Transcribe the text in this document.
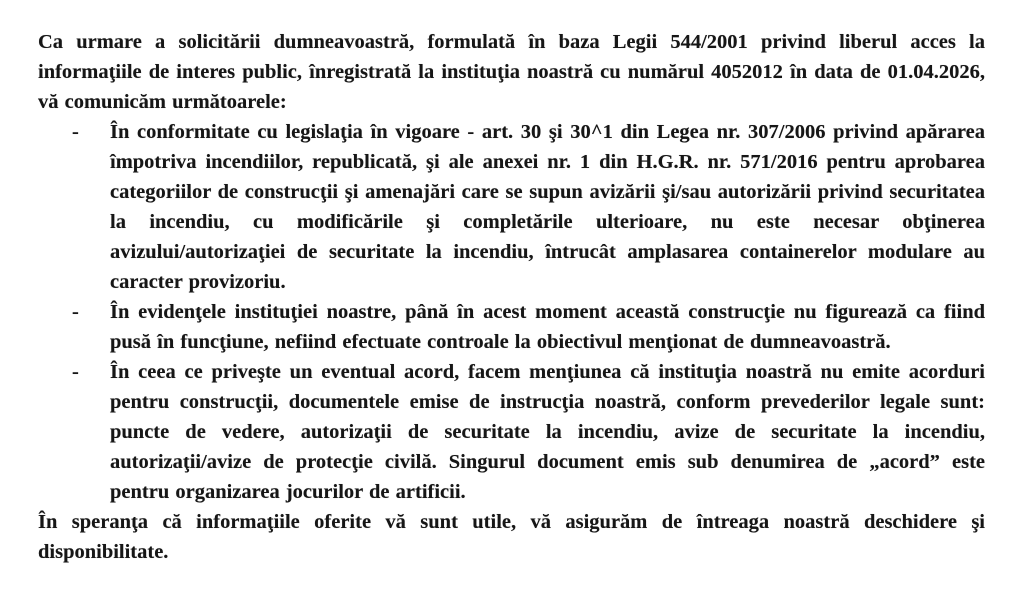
Ca urmare a solicitării dumneavoastră, formulată în baza Legii 544/2001 privind liberul acces la informaţiile de interes public, înregistrată la instituţia noastră cu numărul 4052012 în data de 01.04.2026, vă comunicăm următoarele:

- În conformitate cu legislaţia în vigoare - art. 30 şi 30^1 din Legea nr. 307/2006 privind apărarea împotriva incendiilor, republicată, şi ale anexei nr. 1 din H.G.R. nr. 571/2016 pentru aprobarea categoriilor de construcţii şi amenajări care se supun avizării şi/sau autorizării privind securitatea la incendiu, cu modificările şi completările ulterioare, nu este necesar obţinerea avizului/autorizaţiei de securitate la incendiu, întrucât amplasarea containerelor modulare au caracter provizoriu.

- În evidenţele instituţiei noastre, până în acest moment această construcţie nu figurează ca fiind pusă în funcţiune, nefiind efectuate controale la obiectivul menţionat de dumneavoastră.

- În ceea ce priveşte un eventual acord, facem menţiunea că instituţia noastră nu emite acorduri pentru construcţii, documentele emise de instrucţia noastră, conform prevederilor legale sunt: puncte de vedere, autorizaţii de securitate la incendiu, avize de securitate la incendiu, autorizaţii/avize de protecţie civilă. Singurul document emis sub denumirea de „acord” este pentru organizarea jocurilor de artificii.

În speranţa că informaţiile oferite vă sunt utile, vă asigurăm de întreaga noastră deschidere şi disponibilitate.
